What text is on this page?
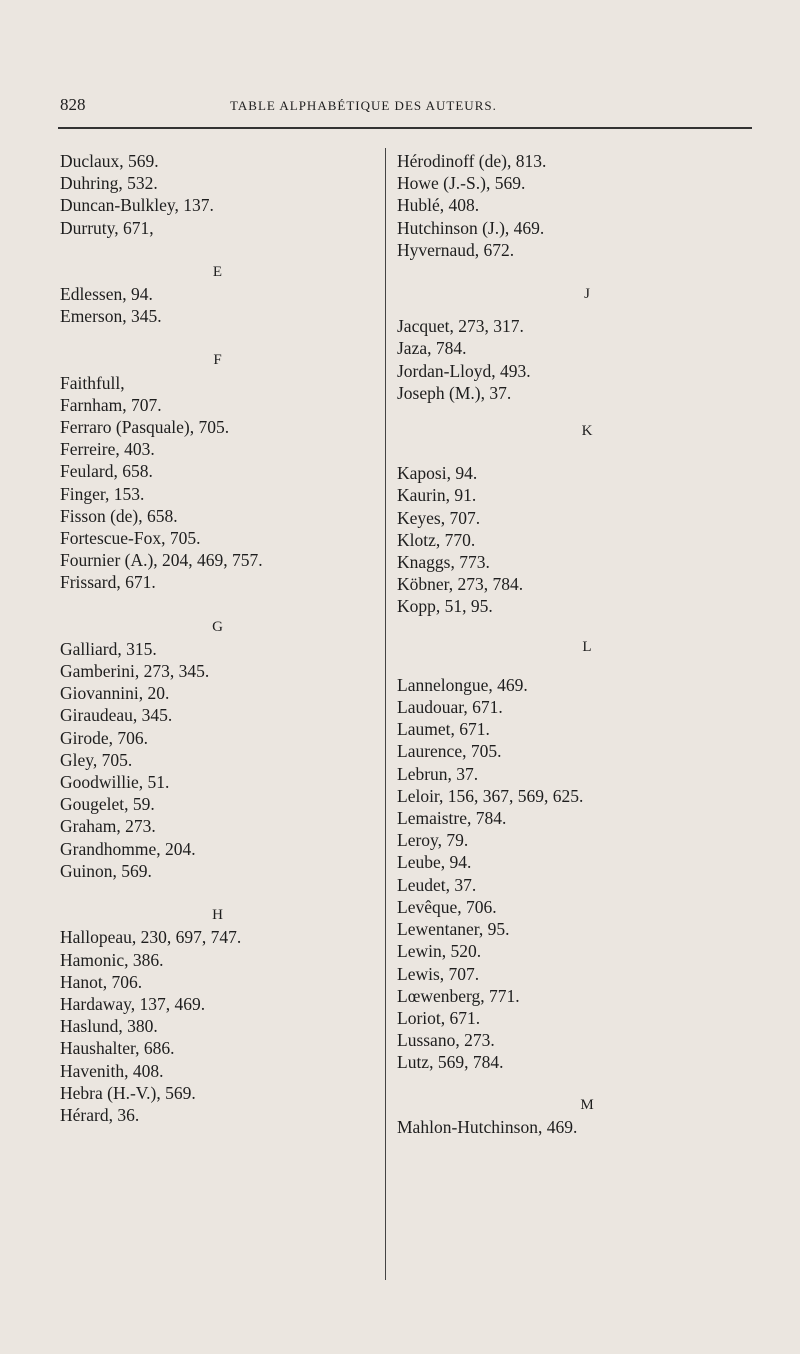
828	TABLE ALPHABÉTIQUE DES AUTEURS.
Duclaux, 569.
Duhring, 532.
Duncan-Bulkley, 137.
Durruty, 671,
E
Edlessen, 94.
Emerson, 345.
F
Faithfull,
Farnham, 707.
Ferraro (Pasquale), 705.
Ferreire, 403.
Feulard, 658.
Finger, 153.
Fisson (de), 658.
Fortescue-Fox, 705.
Fournier (A.), 204, 469, 757.
Frissard, 671.
G
Galliard, 315.
Gamberini, 273, 345.
Giovannini, 20.
Giraudeau, 345.
Girode, 706.
Gley, 705.
Goodwillie, 51.
Gougelet, 59.
Graham, 273.
Grandhomme, 204.
Guinon, 569.
H
Hallopeau, 230, 697, 747.
Hamonic, 386.
Hanot, 706.
Hardaway, 137, 469.
Haslund, 380.
Haushalter, 686.
Havenith, 408.
Hebra (H.-V.), 569.
Hérard, 36.
Hérodinoff (de), 813.
Howe (J.-S.), 569.
Hublé, 408.
Hutchinson (J.), 469.
Hyvernaud, 672.
J
Jacquet, 273, 317.
Jaza, 784.
Jordan-Lloyd, 493.
Joseph (M.), 37.
K
Kaposi, 94.
Kaurin, 91.
Keyes, 707.
Klotz, 770.
Knaggs, 773.
Köbner, 273, 784.
Kopp, 51, 95.
L
Lannelongue, 469.
Laudouar, 671.
Laumet, 671.
Laurence, 705.
Lebrun, 37.
Leloir, 156, 367, 569, 625.
Lemaistre, 784.
Leroy, 79.
Leube, 94.
Leudet, 37.
Levêque, 706.
Lewentaner, 95.
Lewin, 520.
Lewis, 707.
Lœwenberg, 771.
Loriot, 671.
Lussano, 273.
Lutz, 569, 784.
M
Mahlon-Hutchinson, 469.
